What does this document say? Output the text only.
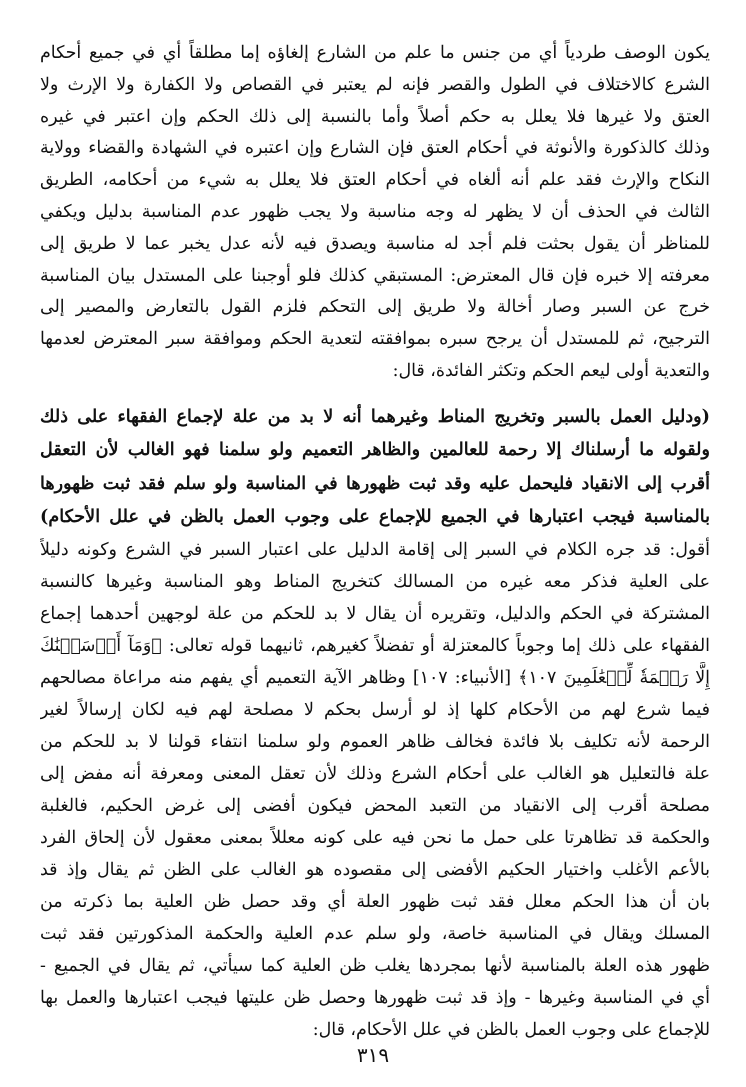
يكون الوصف طردياً أي من جنس ما علم من الشارع إلغاؤه إما مطلقاً أي في جميع أحكام
الشرع كالاختلاف في الطول والقصر فإنه لم يعتبر في القصاص ولا الكفارة ولا الإرث ولا
العتق ولا غيرها فلا يعلل به حكم أصلاً وأما بالنسبة إلى ذلك الحكم وإن اعتبر في غيره
وذلك كالذكورة والأنوثة في أحكام العتق فإن الشارع وإن اعتبره في الشهادة والقضاء وولاية
النكاح والإرث فقد علم أنه ألغاه في أحكام العتق فلا يعلل به شيء من أحكامه، الطريق
الثالث في الحذف أن لا يظهر له وجه مناسبة ولا يجب ظهور عدم المناسبة بدليل ويكفي
للمناظر أن يقول بحثت فلم أجد له مناسبة ويصدق فيه لأنه عدل يخبر عما لا طريق إلى
معرفته إلا خبره فإن قال المعترض: المستبقي كذلك فلو أوجبنا على المستدل بيان المناسبة
خرج عن السبر وصار أخالة ولا طريق إلى التحكم فلزم القول بالتعارض والمصير إلى
الترجيح، ثم للمستدل أن يرجح سبره بموافقته لتعدية الحكم وموافقة سبر المعترض لعدمها
والتعدية أولى ليعم الحكم وتكثر الفائدة، قال:
(ودليل العمل بالسبر وتخريج المناط وغيرهما أنه لا بد من علة لإجماع الفقهاء على ذلك
ولقوله ما أرسلناك إلا رحمة للعالمين والظاهر التعميم ولو سلمنا فهو الغالب لأن التعقل
أقرب إلى الانقياد فليحمل عليه وقد ثبت ظهورها في المناسبة ولو سلم فقد ثبت ظهورها
بالمناسبة فيجب اعتبارها في الجميع للإجماع على وجوب العمل بالظن في علل الأحكام)
أقول: قد جره الكلام في السبر إلى إقامة الدليل على اعتبار السبر في الشرع وكونه دليلاً
على العلية فذكر معه غيره من المسالك كتخريج المناط وهو المناسبة وغيرها كالنسبة
المشتركة في الحكم والدليل، وتقريره أن يقال لا بد للحكم من علة لوجهين أحدهما إجماع
الفقهاء على ذلك إما وجوباً كالمعتزلة أو تفضلاً كغيرهم، ثانيهما قوله تعالى: ﴿وَمَآ أَرۡسَلۡنَٰكَ
إِلَّا رَحۡمَةٗ لِّلۡعَٰلَمِينَ ١٠٧﴾ [الأنبياء: ١٠٧] وظاهر الآية التعميم أي يفهم منه مراعاة مصالحهم
فيما شرع لهم من الأحكام كلها إذ لو أرسل بحكم لا مصلحة لهم فيه لكان إرسالاً لغير
الرحمة لأنه تكليف بلا فائدة فخالف ظاهر العموم ولو سلمنا انتفاء قولنا لا بد للحكم من
علة فالتعليل هو الغالب على أحكام الشرع وذلك لأن تعقل المعنى ومعرفة أنه مفض إلى
مصلحة أقرب إلى الانقياد من التعبد المحض فيكون أفضى إلى غرض الحكيم، فالغلبة
والحكمة قد تظاهرتا على حمل ما نحن فيه على كونه معللاً بمعنى معقول لأن إلحاق الفرد
بالأعم الأغلب واختيار الحكيم الأفضى إلى مقصوده هو الغالب على الظن ثم يقال وإذ قد
بان أن هذا الحكم معلل فقد ثبت ظهور العلة أي وقد حصل ظن العلية بما ذكرته من
المسلك ويقال في المناسبة خاصة، ولو سلم عدم العلية والحكمة المذكورتين فقد ثبت
ظهور هذه العلة بالمناسبة لأنها بمجردها يغلب ظن العلية كما سيأتي، ثم يقال في الجميع -
أي في المناسبة وغيرها - وإذ قد ثبت ظهورها وحصل ظن عليتها فيجب اعتبارها والعمل بها
للإجماع على وجوب العمل بالظن في علل الأحكام، قال:
٣١٩
